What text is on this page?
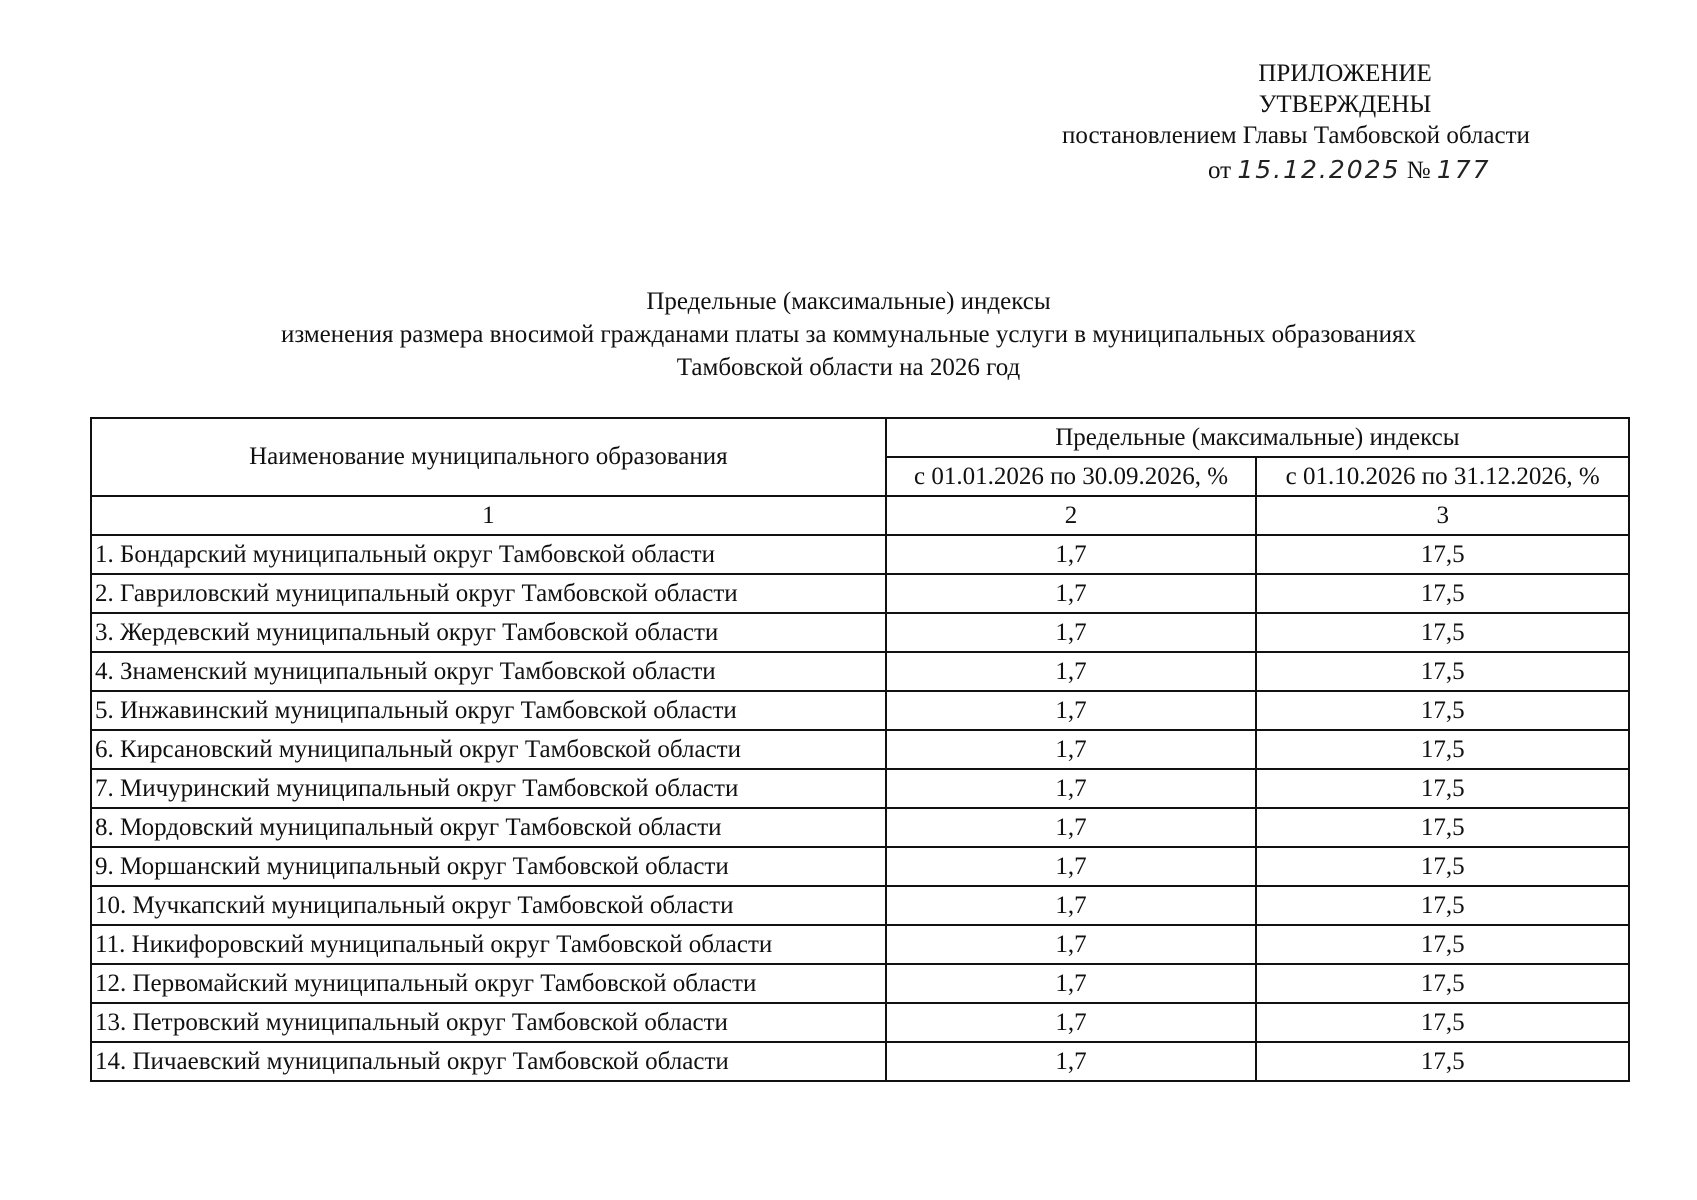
ПРИЛОЖЕНИЕ
УТВЕРЖДЕНЫ
постановлением Главы Тамбовской области
от 15.12.2025 № 177
Предельные (максимальные) индексы
изменения размера вносимой гражданами платы за коммунальные услуги в муниципальных образованиях
Тамбовской области на 2026 год
Наименование муниципального образования	Предельные (максимальные) индексы	
	с 01.01.2026 по 30.09.2026, %	с 01.10.2026 по 31.12.2026, %
1	2	3
1. Бондарский муниципальный округ Тамбовской области	1,7	17,5
2. Гавриловский муниципальный округ Тамбовской области	1,7	17,5
3. Жердевский муниципальный округ Тамбовской области	1,7	17,5
4. Знаменский муниципальный округ Тамбовской области	1,7	17,5
5. Инжавинский муниципальный округ Тамбовской области	1,7	17,5
6. Кирсановский муниципальный округ Тамбовской области	1,7	17,5
7. Мичуринский муниципальный округ Тамбовской области	1,7	17,5
8. Мордовский муниципальный округ Тамбовской области	1,7	17,5
9. Моршанский муниципальный округ Тамбовской области	1,7	17,5
10. Мучкапский муниципальный округ Тамбовской области	1,7	17,5
11. Никифоровский муниципальный округ Тамбовской области	1,7	17,5
12. Первомайский муниципальный округ Тамбовской области	1,7	17,5
13. Петровский муниципальный округ Тамбовской области	1,7	17,5
14. Пичаевский муниципальный округ Тамбовской области	1,7	17,5
